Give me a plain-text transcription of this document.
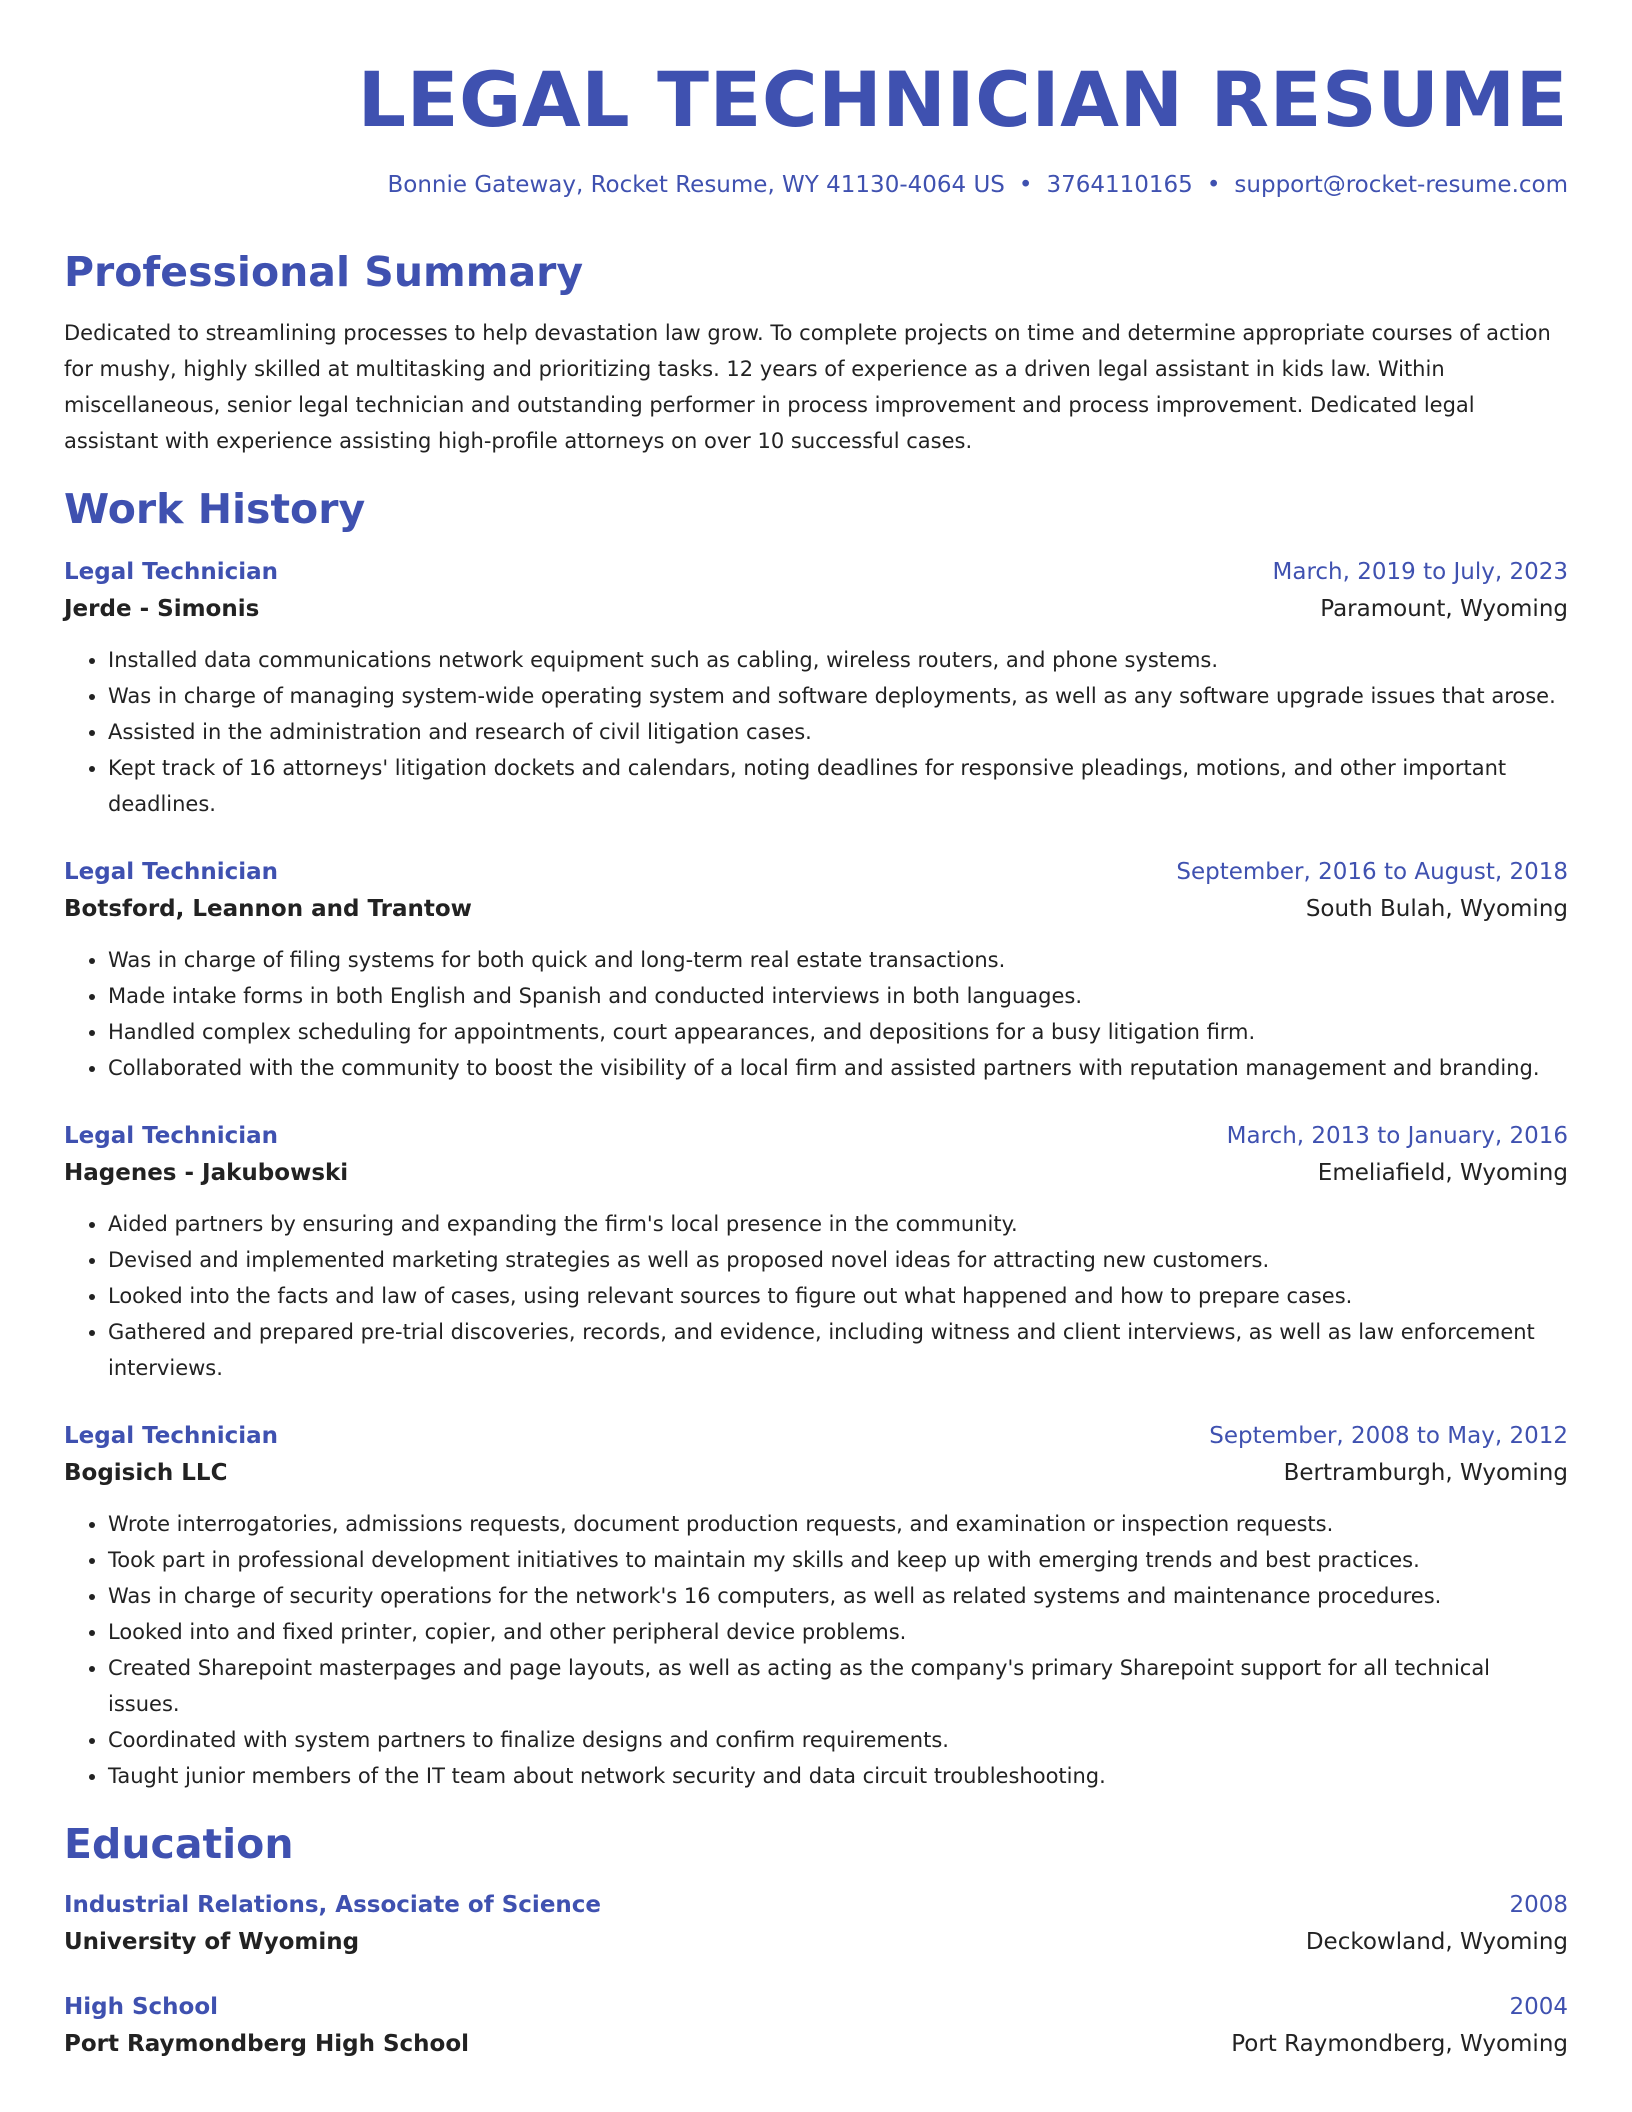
LEGAL TECHNICIAN RESUME
Bonnie Gateway, Rocket Resume, WY 41130-4064 US • 3764110165 • support@rocket-resume.com
Professional Summary
Dedicated to streamlining processes to help devastation law grow. To complete projects on time and determine appropriate courses of action for mushy, highly skilled at multitasking and prioritizing tasks. 12 years of experience as a driven legal assistant in kids law. Within miscellaneous, senior legal technician and outstanding performer in process improvement and process improvement. Dedicated legal assistant with experience assisting high-profile attorneys on over 10 successful cases.
Work History
Legal Technician	March, 2019 to July, 2023
Jerde - Simonis	Paramount, Wyoming
• Installed data communications network equipment such as cabling, wireless routers, and phone systems.
• Was in charge of managing system-wide operating system and software deployments, as well as any software upgrade issues that arose.
• Assisted in the administration and research of civil litigation cases.
• Kept track of 16 attorneys' litigation dockets and calendars, noting deadlines for responsive pleadings, motions, and other important deadlines.
Legal Technician	September, 2016 to August, 2018
Botsford, Leannon and Trantow	South Bulah, Wyoming
• Was in charge of filing systems for both quick and long-term real estate transactions.
• Made intake forms in both English and Spanish and conducted interviews in both languages.
• Handled complex scheduling for appointments, court appearances, and depositions for a busy litigation firm.
• Collaborated with the community to boost the visibility of a local firm and assisted partners with reputation management and branding.
Legal Technician	March, 2013 to January, 2016
Hagenes - Jakubowski	Emeliafield, Wyoming
• Aided partners by ensuring and expanding the firm's local presence in the community.
• Devised and implemented marketing strategies as well as proposed novel ideas for attracting new customers.
• Looked into the facts and law of cases, using relevant sources to figure out what happened and how to prepare cases.
• Gathered and prepared pre-trial discoveries, records, and evidence, including witness and client interviews, as well as law enforcement interviews.
Legal Technician	September, 2008 to May, 2012
Bogisich LLC	Bertramburgh, Wyoming
• Wrote interrogatories, admissions requests, document production requests, and examination or inspection requests.
• Took part in professional development initiatives to maintain my skills and keep up with emerging trends and best practices.
• Was in charge of security operations for the network's 16 computers, as well as related systems and maintenance procedures.
• Looked into and fixed printer, copier, and other peripheral device problems.
• Created Sharepoint masterpages and page layouts, as well as acting as the company's primary Sharepoint support for all technical issues.
• Coordinated with system partners to finalize designs and confirm requirements.
• Taught junior members of the IT team about network security and data circuit troubleshooting.
Education
Industrial Relations, Associate of Science	2008
University of Wyoming	Deckowland, Wyoming
High School	2004
Port Raymondberg High School	Port Raymondberg, Wyoming
